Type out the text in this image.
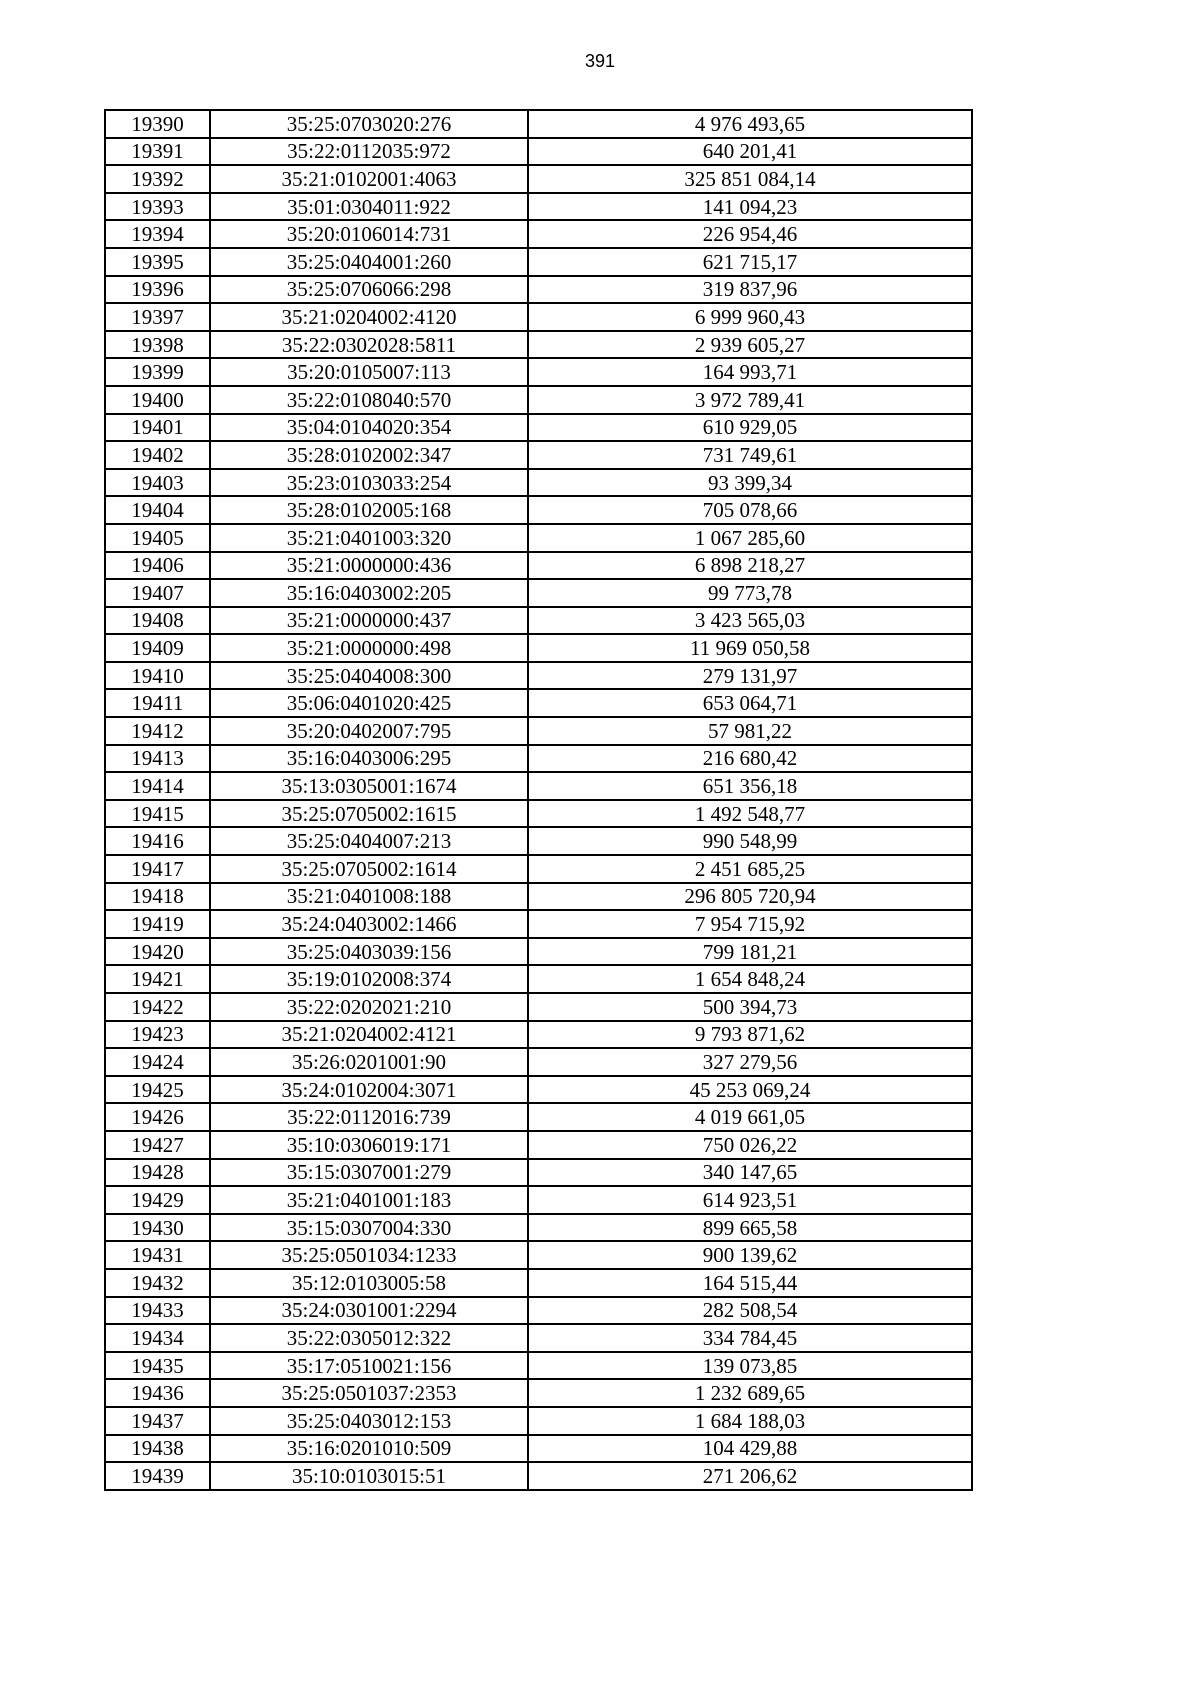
391
19390	35:25:0703020:276	4 976 493,65
19391	35:22:0112035:972	640 201,41
19392	35:21:0102001:4063	325 851 084,14
19393	35:01:0304011:922	141 094,23
19394	35:20:0106014:731	226 954,46
19395	35:25:0404001:260	621 715,17
19396	35:25:0706066:298	319 837,96
19397	35:21:0204002:4120	6 999 960,43
19398	35:22:0302028:5811	2 939 605,27
19399	35:20:0105007:113	164 993,71
19400	35:22:0108040:570	3 972 789,41
19401	35:04:0104020:354	610 929,05
19402	35:28:0102002:347	731 749,61
19403	35:23:0103033:254	93 399,34
19404	35:28:0102005:168	705 078,66
19405	35:21:0401003:320	1 067 285,60
19406	35:21:0000000:436	6 898 218,27
19407	35:16:0403002:205	99 773,78
19408	35:21:0000000:437	3 423 565,03
19409	35:21:0000000:498	11 969 050,58
19410	35:25:0404008:300	279 131,97
19411	35:06:0401020:425	653 064,71
19412	35:20:0402007:795	57 981,22
19413	35:16:0403006:295	216 680,42
19414	35:13:0305001:1674	651 356,18
19415	35:25:0705002:1615	1 492 548,77
19416	35:25:0404007:213	990 548,99
19417	35:25:0705002:1614	2 451 685,25
19418	35:21:0401008:188	296 805 720,94
19419	35:24:0403002:1466	7 954 715,92
19420	35:25:0403039:156	799 181,21
19421	35:19:0102008:374	1 654 848,24
19422	35:22:0202021:210	500 394,73
19423	35:21:0204002:4121	9 793 871,62
19424	35:26:0201001:90	327 279,56
19425	35:24:0102004:3071	45 253 069,24
19426	35:22:0112016:739	4 019 661,05
19427	35:10:0306019:171	750 026,22
19428	35:15:0307001:279	340 147,65
19429	35:21:0401001:183	614 923,51
19430	35:15:0307004:330	899 665,58
19431	35:25:0501034:1233	900 139,62
19432	35:12:0103005:58	164 515,44
19433	35:24:0301001:2294	282 508,54
19434	35:22:0305012:322	334 784,45
19435	35:17:0510021:156	139 073,85
19436	35:25:0501037:2353	1 232 689,65
19437	35:25:0403012:153	1 684 188,03
19438	35:16:0201010:509	104 429,88
19439	35:10:0103015:51	271 206,62
